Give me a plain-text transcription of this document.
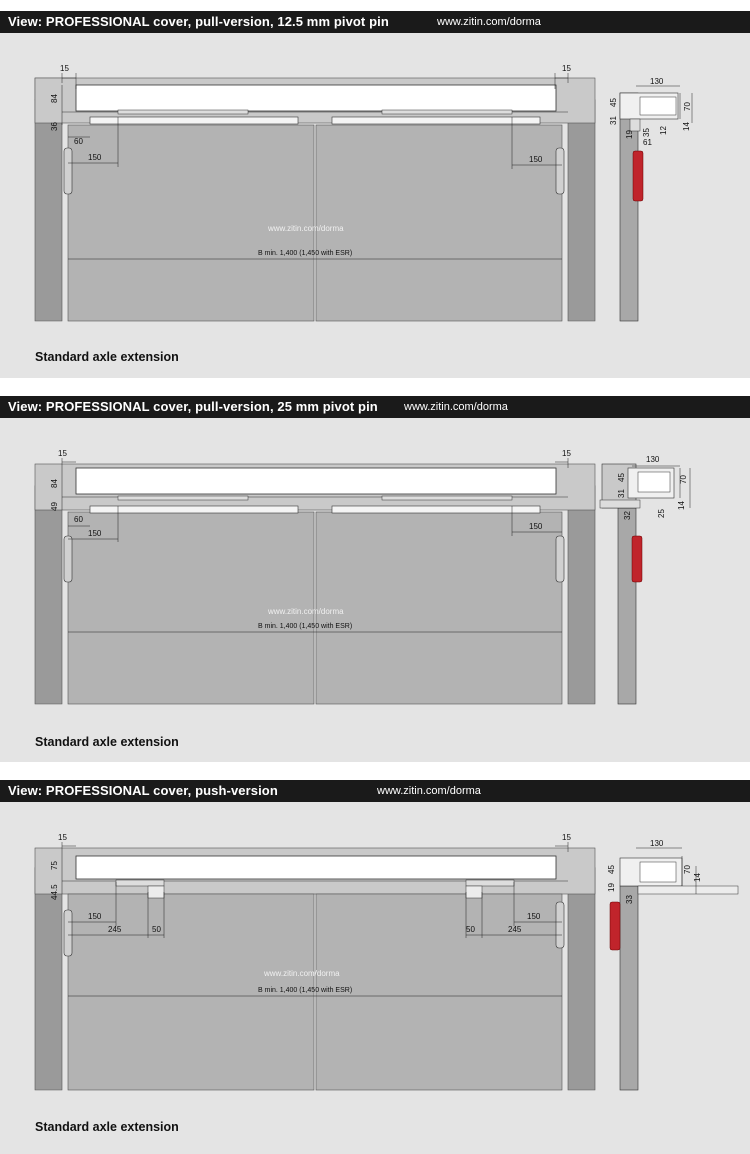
View: PROFESSIONAL cover, pull-version, 12.5 mm pivot pin	www.zitin.com/dorma
15	15
84
36
60
150	150
130
31
45	70
14
19	12
35
61
www.zitin.com/dorma
B min. 1,400 (1,450 with ESR)
Standard axle extension
View: PROFESSIONAL cover, pull-version, 25 mm pivot pin www.zitin.com/dorma
15	15
84
49
60
150
150
130
31
45	70
14
32	25
www.zitin.com/dorma
B min. 1,400 (1,450 with ESR)
Standard axle extension
View: PROFESSIONAL cover, push-version	www.zitin.com/dorma
15	15
75
44.5
150
245	50	50	245
150
130
19
45	70
14
33
www.zitin.com/dorma
B min. 1,400 (1,450 with ESR)
Standard axle extension
